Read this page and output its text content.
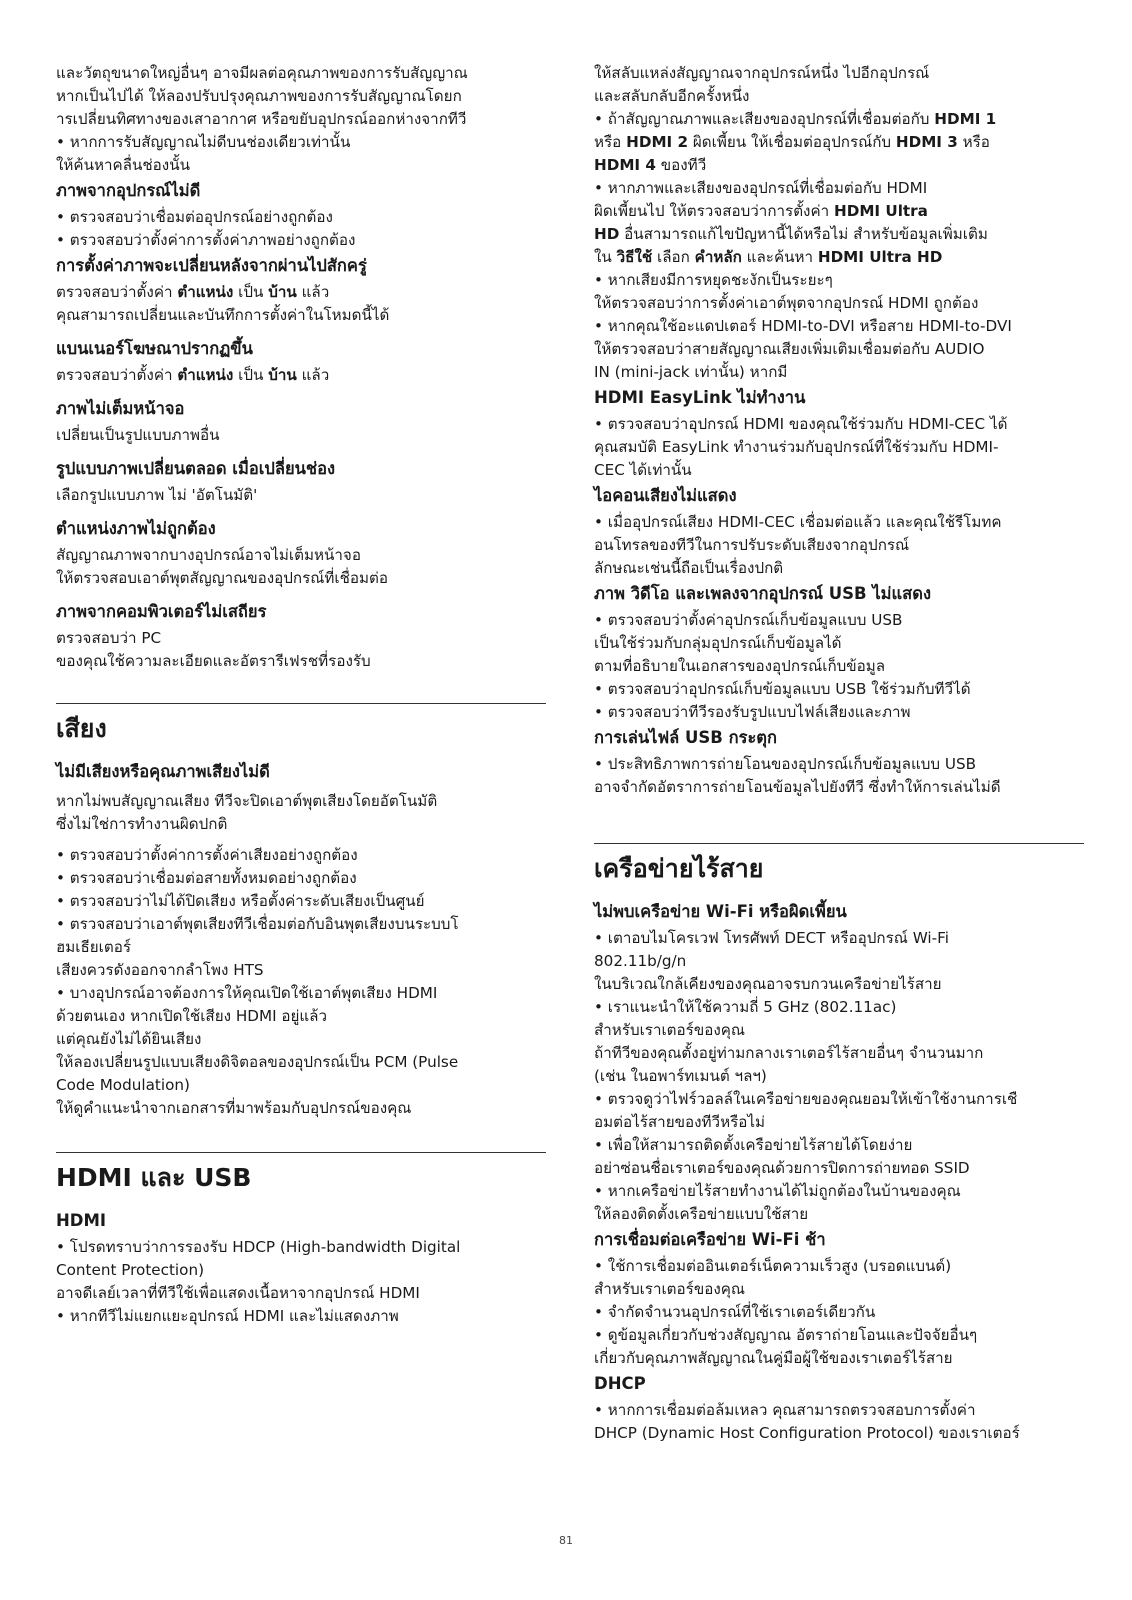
และวัตถุขนาดใหญ่อื่นๆ อาจมีผลต่อคุณภาพของการรับสัญญาณ
หากเป็นไปได้ ให้ลองปรับปรุงคุณภาพของการรับสัญญาณโดยก
ารเปลี่ยนทิศทางของเสาอากาศ หรือขยับอุปกรณ์ออกห่างจากทีวี
• หากการรับสัญญาณไม่ดีบนช่องเดียวเท่านั้น
ให้ค้นหาคลื่นช่องนั้น

ภาพจากอุปกรณ์ไม่ดี

• ตรวจสอบว่าเชื่อมต่ออุปกรณ์อย่างถูกต้อง
• ตรวจสอบว่าตั้งค่าการตั้งค่าภาพอย่างถูกต้อง

การตั้งค่าภาพจะเปลี่ยนหลังจากผ่านไปสักครู่

ตรวจสอบว่าตั้งค่า ตำแหน่ง เป็น บ้าน แล้ว
คุณสามารถเปลี่ยนและบันทึกการตั้งค่าในโหมดนี้ได้

แบนเนอร์โฆษณาปรากฏขึ้น

ตรวจสอบว่าตั้งค่า ตำแหน่ง เป็น บ้าน แล้ว

ภาพไม่เต็มหน้าจอ

เปลี่ยนเป็นรูปแบบภาพอื่น

รูปแบบภาพเปลี่ยนตลอด เมื่อเปลี่ยนช่อง

เลือกรูปแบบภาพ ไม่ 'อัตโนมัติ'

ตำแหน่งภาพไม่ถูกต้อง

สัญญาณภาพจากบางอุปกรณ์อาจไม่เต็มหน้าจอ
ให้ตรวจสอบเอาต์พุตสัญญาณของอุปกรณ์ที่เชื่อมต่อ

ภาพจากคอมพิวเตอร์ไม่เสถียร

ตรวจสอบว่า PC
ของคุณใช้ความละเอียดและอัตรารีเฟรชที่รองรับ

เสียง
ไม่มีเสียงหรือคุณภาพเสียงไม่ดี

หากไม่พบสัญญาณเสียง ทีวีจะปิดเอาต์พุตเสียงโดยอัตโนมัติ
ซึ่งไม่ใช่การทำงานผิดปกติ

• ตรวจสอบว่าตั้งค่าการตั้งค่าเสียงอย่างถูกต้อง
• ตรวจสอบว่าเชื่อมต่อสายทั้งหมดอย่างถูกต้อง
• ตรวจสอบว่าไม่ได้ปิดเสียง หรือตั้งค่าระดับเสียงเป็นศูนย์
• ตรวจสอบว่าเอาต์พุตเสียงทีวีเชื่อมต่อกับอินพุตเสียงบนระบบโ
ฮมเธียเตอร์
เสียงควรดังออกจากลำโพง HTS
• บางอุปกรณ์อาจต้องการให้คุณเปิดใช้เอาต์พุตเสียง HDMI
ด้วยตนเอง หากเปิดใช้เสียง HDMI อยู่แล้ว
แต่คุณยังไม่ได้ยินเสียง
ให้ลองเปลี่ยนรูปแบบเสียงดิจิตอลของอุปกรณ์เป็น PCM (Pulse
Code Modulation)
ให้ดูคำแนะนำจากเอกสารที่มาพร้อมกับอุปกรณ์ของคุณ

HDMI และ USB
HDMI

• โปรดทราบว่าการรองรับ HDCP (High-bandwidth Digital
Content Protection)
อาจดีเลย์เวลาที่ทีวีใช้เพื่อแสดงเนื้อหาจากอุปกรณ์ HDMI
• หากทีวีไม่แยกแยะอุปกรณ์ HDMI และไม่แสดงภาพ

ให้สลับแหล่งสัญญาณจากอุปกรณ์หนึ่ง ไปอีกอุปกรณ์
และสลับกลับอีกครั้งหนึ่ง
• ถ้าสัญญาณภาพและเสียงของอุปกรณ์ที่เชื่อมต่อกับ HDMI 1
หรือ HDMI 2 ผิดเพี้ยน ให้เชื่อมต่ออุปกรณ์กับ HDMI 3 หรือ
HDMI 4 ของทีวี
• หากภาพและเสียงของอุปกรณ์ที่เชื่อมต่อกับ HDMI
ผิดเพี้ยนไป ให้ตรวจสอบว่าการตั้งค่า HDMI Ultra
HD อื่นสามารถแก้ไขปัญหานี้ได้หรือไม่ สำหรับข้อมูลเพิ่มเติม
ใน วิธีใช้ เลือก คำหลัก และค้นหา HDMI Ultra HD
• หากเสียงมีการหยุดชะงักเป็นระยะๆ
ให้ตรวจสอบว่าการตั้งค่าเอาต์พุตจากอุปกรณ์ HDMI ถูกต้อง
• หากคุณใช้อะแดปเตอร์ HDMI-to-DVI หรือสาย HDMI-to-DVI
ให้ตรวจสอบว่าสายสัญญาณเสียงเพิ่มเติมเชื่อมต่อกับ AUDIO
IN (mini-jack เท่านั้น) หากมี

HDMI EasyLink ไม่ทำงาน

• ตรวจสอบว่าอุปกรณ์ HDMI ของคุณใช้ร่วมกับ HDMI-CEC ได้
คุณสมบัติ EasyLink ทำงานร่วมกับอุปกรณ์ที่ใช้ร่วมกับ HDMI-
CEC ได้เท่านั้น

ไอคอนเสียงไม่แสดง

• เมื่ออุปกรณ์เสียง HDMI-CEC เชื่อมต่อแล้ว และคุณใช้รีโมทค
อนโทรลของทีวีในการปรับระดับเสียงจากอุปกรณ์
ลักษณะเช่นนี้ถือเป็นเรื่องปกติ

ภาพ วิดีโอ และเพลงจากอุปกรณ์ USB ไม่แสดง

• ตรวจสอบว่าตั้งค่าอุปกรณ์เก็บข้อมูลแบบ USB
เป็นใช้ร่วมกับกลุ่มอุปกรณ์เก็บข้อมูลได้
ตามที่อธิบายในเอกสารของอุปกรณ์เก็บข้อมูล
• ตรวจสอบว่าอุปกรณ์เก็บข้อมูลแบบ USB ใช้ร่วมกับทีวีได้
• ตรวจสอบว่าทีวีรองรับรูปแบบไฟล์เสียงและภาพ

การเล่นไฟล์ USB กระตุก

• ประสิทธิภาพการถ่ายโอนของอุปกรณ์เก็บข้อมูลแบบ USB
อาจจำกัดอัตราการถ่ายโอนข้อมูลไปยังทีวี ซึ่งทำให้การเล่นไม่ดี

เครือข่ายไร้สาย
ไม่พบเครือข่าย Wi-Fi หรือผิดเพี้ยน

• เตาอบไมโครเวฟ โทรศัพท์ DECT หรืออุปกรณ์ Wi-Fi
802.11b/g/n
ในบริเวณใกล้เคียงของคุณอาจรบกวนเครือข่ายไร้สาย
• เราแนะนำให้ใช้ความถี่ 5 GHz (802.11ac)
สำหรับเราเตอร์ของคุณ
ถ้าทีวีของคุณตั้งอยู่ท่ามกลางเราเตอร์ไร้สายอื่นๆ จำนวนมาก
(เช่น ในอพาร์ทเมนต์ ฯลฯ)
• ตรวจดูว่าไฟร์วอลล์ในเครือข่ายของคุณยอมให้เข้าใช้งานการเชื
อมต่อไร้สายของทีวีหรือไม่
• เพื่อให้สามารถติดตั้งเครือข่ายไร้สายได้โดยง่าย
อย่าซ่อนชื่อเราเตอร์ของคุณด้วยการปิดการถ่ายทอด SSID
• หากเครือข่ายไร้สายทำงานได้ไม่ถูกต้องในบ้านของคุณ
ให้ลองติดตั้งเครือข่ายแบบใช้สาย

การเชื่อมต่อเครือข่าย Wi-Fi ช้า

• ใช้การเชื่อมต่ออินเตอร์เน็ตความเร็วสูง (บรอดแบนด์)
สำหรับเราเตอร์ของคุณ
• จำกัดจำนวนอุปกรณ์ที่ใช้เราเตอร์เดียวกัน
• ดูข้อมูลเกี่ยวกับช่วงสัญญาณ อัตราถ่ายโอนและปัจจัยอื่นๆ
เกี่ยวกับคุณภาพสัญญาณในคู่มือผู้ใช้ของเราเตอร์ไร้สาย

DHCP

• หากการเชื่อมต่อล้มเหลว คุณสามารถตรวจสอบการตั้งค่า
DHCP (Dynamic Host Configuration Protocol) ของเราเตอร์

81
